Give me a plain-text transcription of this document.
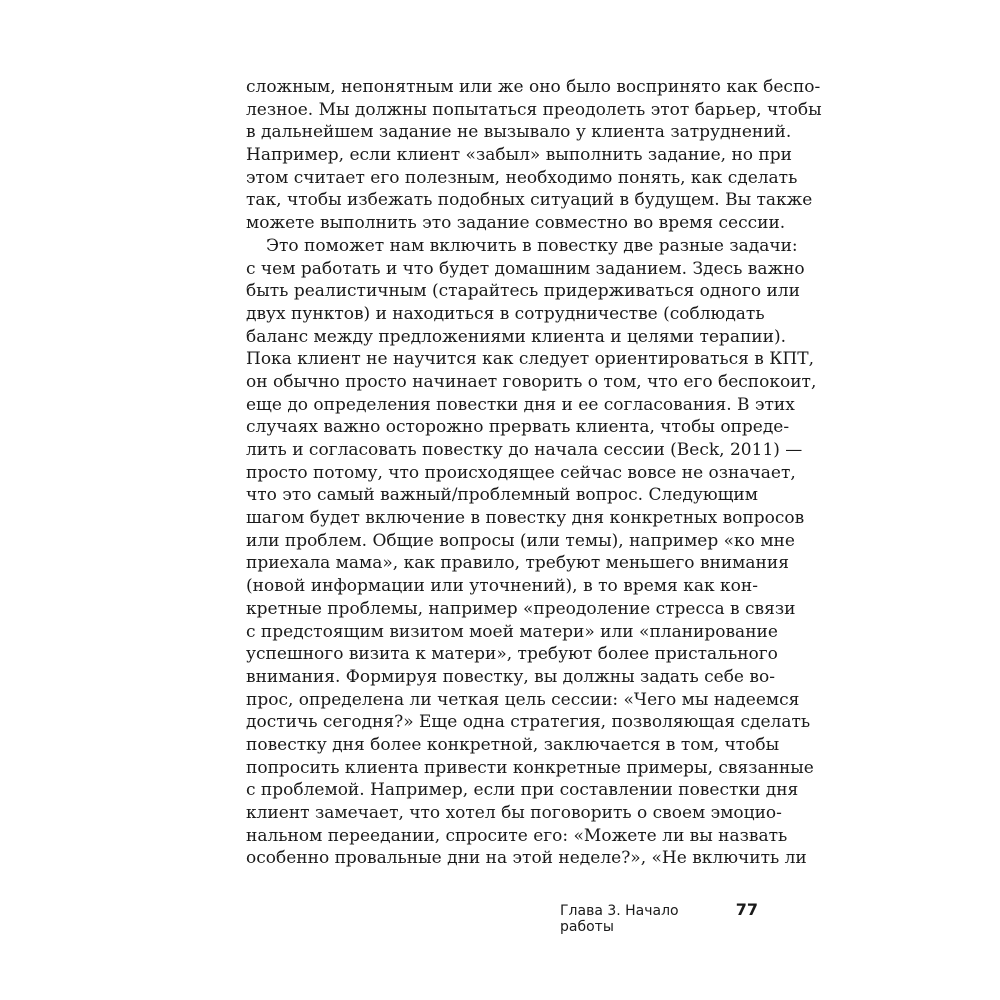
сложным, непонятным или же оно было воспринято как беспо-
лезное. Мы должны попытаться преодолеть этот барьер, чтобы
в дальнейшем задание не вызывало у клиента затруднений.
Например, если клиент «забыл» выполнить задание, но при
этом считает его полезным, необходимо понять, как сделать
так, чтобы избежать подобных ситуаций в будущем. Вы также
можете выполнить это задание совместно во время сессии.
Это поможет нам включить в повестку две разные задачи:
с чем работать и что будет домашним заданием. Здесь важно
быть реалистичным (старайтесь придерживаться одного или
двух пунктов) и находиться в сотрудничестве (соблюдать
баланс между предложениями клиента и целями терапии).
Пока клиент не научится как следует ориентироваться в КПТ,
он обычно просто начинает говорить о том, что его беспокоит,
еще до определения повестки дня и ее согласования. В этих
случаях важно осторожно прервать клиента, чтобы опреде-
лить и согласовать повестку до начала сессии (Beck, 2011) —
просто потому, что происходящее сейчас вовсе не означает,
что это самый важный/проблемный вопрос. Следующим
шагом будет включение в повестку дня конкретных вопросов
или проблем. Общие вопросы (или темы), например «ко мне
приехала мама», как правило, требуют меньшего внимания
(новой информации или уточнений), в то время как кон-
кретные проблемы, например «преодоление стресса в связи
с предстоящим визитом моей матери» или «планирование
успешного визита к матери», требуют более пристального
внимания. Формируя повестку, вы должны задать себе во-
прос, определена ли четкая цель сессии: «Чего мы надеемся
достичь сегодня?» Еще одна стратегия, позволяющая сделать
повестку дня более конкретной, заключается в том, чтобы
попросить клиента привести конкретные примеры, связанные
с проблемой. Например, если при составлении повестки дня
клиент замечает, что хотел бы поговорить о своем эмоцио-
нальном переедании, спросите его: «Можете ли вы назвать
особенно провальные дни на этой неделе?», «Не включить ли
Глава 3. Начало работы
77
